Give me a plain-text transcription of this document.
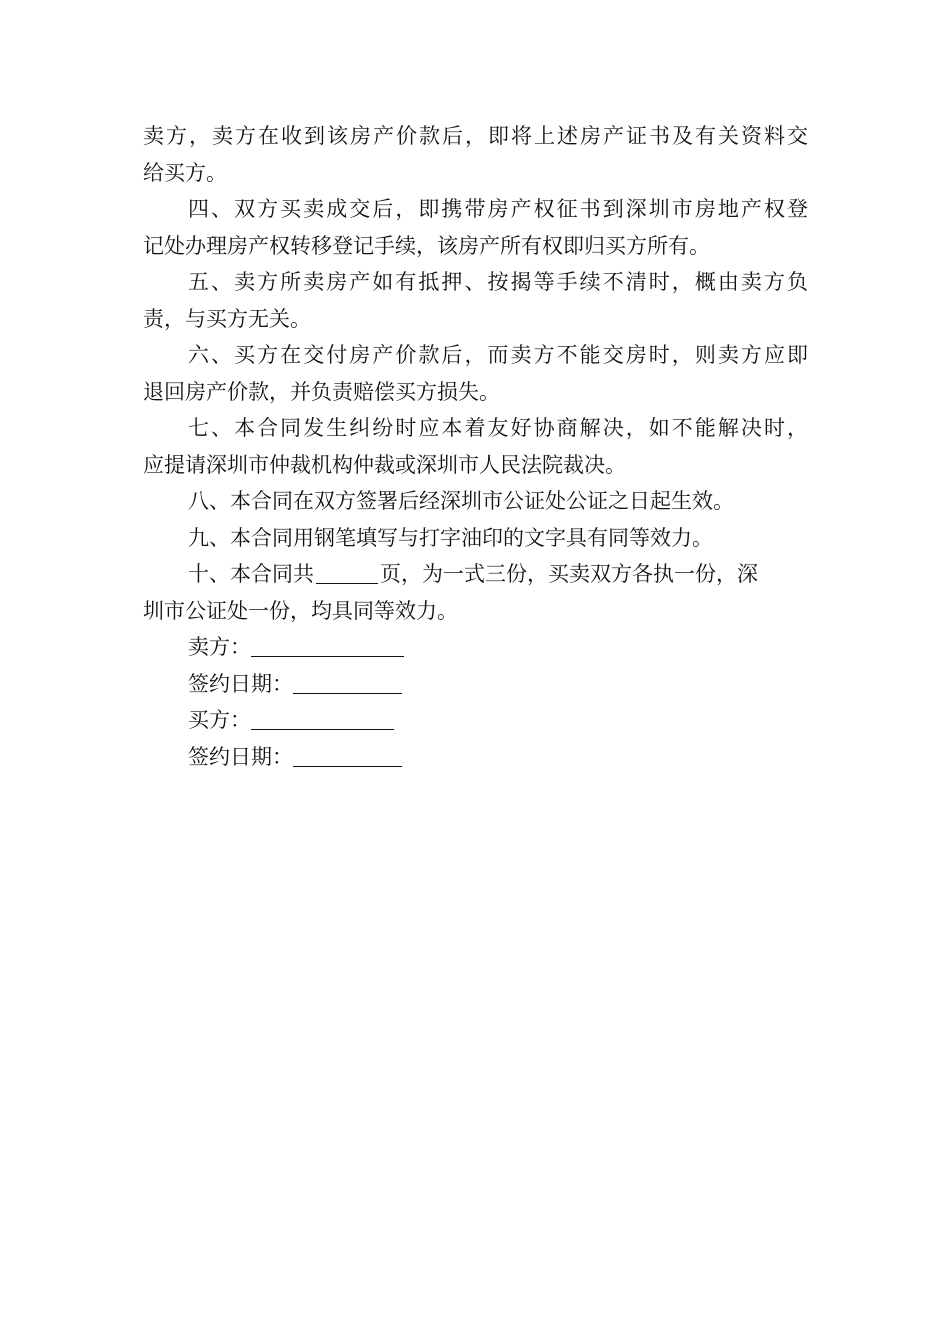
卖方，卖方在收到该房产价款后，即将上述房产证书及有关资料交
给买方。
四、双方买卖成交后，即携带房产权征书到深圳市房地产权登
记处办理房产权转移登记手续，该房产所有权即归买方所有。
五、卖方所卖房产如有抵押、按揭等手续不清时，概由卖方负
责，与买方无关。
六、买方在交付房产价款后，而卖方不能交房时，则卖方应即
退回房产价款，并负责赔偿买方损失。
七、本合同发生纠纷时应本着友好协商解决，如不能解决时，
应提请深圳市仲裁机构仲裁或深圳市人民法院裁决。
八、本合同在双方签署后经深圳市公证处公证之日起生效。
九、本合同用钢笔填写与打字油印的文字具有同等效力。
十、本合同共	页，为一式三份，买卖双方各执一份，深
圳市公证处一份，均具同等效力。
卖方：
签约日期：
买方：
签约日期：
